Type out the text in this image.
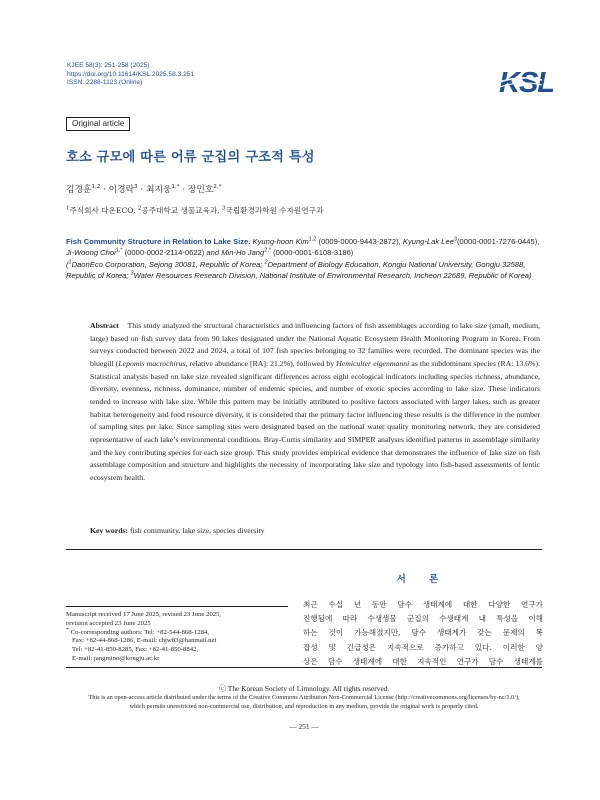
KJEE 58(3): 251-258 (2025)
https://doi.org/10.11614/KSL.2025.58.3.251
ISSN: 2288-1123 (Online)	KSL
Original article
호소 규모에 따른 어류 군집의 구조적 특성
김경훈$^{1,2}$ · 이경락$^3$ · 최지웅$^{1,*}$ · 장민호$^{2,*}$
$^1$주식회사 다온ECO, $^2$공주대학교 생물교육과, $^3$국립환경과학원 수자원연구과
Fish Community Structure in Relation to Lake Size. Kyung-hoon Kim$^{1,2}$ (0009-0000-9443-2872), Kyung-Lak Lee$^3$(0000-0001-7276-0445), Ji-Woong Choi$^{1,*}$ (0000-0002-2114-0622) and Min-Ho Jang$^{2,*}$ (0000-0001-6108-3186)
($^1$DaonEco Corporation, Sejong 30081, Republic of Korea; $^2$Department of Biology Education, Kongju National University, Gongju 32588, Republic of Korea; $^3$Water Resources Research Division, National Institute of Environmental Research, Incheon 22689, Republic of Korea)
Abstract This study analyzed the structural characteristics and influencing factors of fish assemblages according to lake size (small, medium, large) based on fish survey data from 90 lakes designated under the National Aquatic Ecosystem Health Monitoring Program in Korea. From surveys conducted between 2022 and 2024, a total of 107 fish species belonging to 32 families were recorded. The dominant species was the bluegill (Lepomis macrochirus, relative abundance [RA]: 21.2%), followed by Hemiculter eigenmanni as the subdominant species (RA: 13.6%). Statistical analysis based on lake size revealed significant differences across eight ecological indicators including species richness, abundance, diversity, evenness, richness, dominance, number of endemic species, and number of exotic species according to lake size. These indicators tended to increase with lake size. While this pattern may be initially attributed to positive factors associated with larger lakes, such as greater habitat heterogeneity and food resource diversity, it is considered that the primary factor influencing these results is the difference in the number of sampling sites per lake. Since sampling sites were designated based on the national water quality monitoring network, they are considered representative of each lake’s environmental conditions. Bray-Curtis similarity and SIMPER analyses identified patterns in assemblage similarity and the key contributing species for each size group. This study provides empirical evidence that demonstrates the influence of lake size on fish assemblage composition and structure and highlights the necessity of incorporating lake size and typology into fish-based assessments of lentic ecosystem health.
Key words: fish community, lake size, species diversity
서 론
최근 수십 년 동안 담수 생태계에 대한 다양한 연구가
진행됨에 따라 수생생물 군집의 수생태계 내 특성을 이해
하는 것이 가능해졌지만, 담수 생태계가 갖는 문제의 복
잡성 및 긴급성은 지속적으로 증가하고 있다. 이러한 양
상은 담수 생태계에 대한 지속적인 연구가 담수 생태계를
Manuscript received 17 June 2025, revised 23 June 2025,
revision accepted 23 June 2025
* Co-corresponding authors: Tel: +82-544-868-1284,
Fax: +82-44-868-1286, E-mail: chjw83@hanmail.net
Tel: +82-41-850-8285, Fax: +82-41-850-8842,
E-mail: jangmino@kongju.ac.kr
ⓒ The Korean Society of Limnology. All rights reserved.
This is an open-access article distributed under the terms of the Creative Commons Attribution Non-Commercial License (http://creativecommons.org/licenses/by-nc/3.0/),
which permits unrestricted non-commercial use, distribution, and reproduction in any medium, provide the original work is properly cited.
— 251 —
